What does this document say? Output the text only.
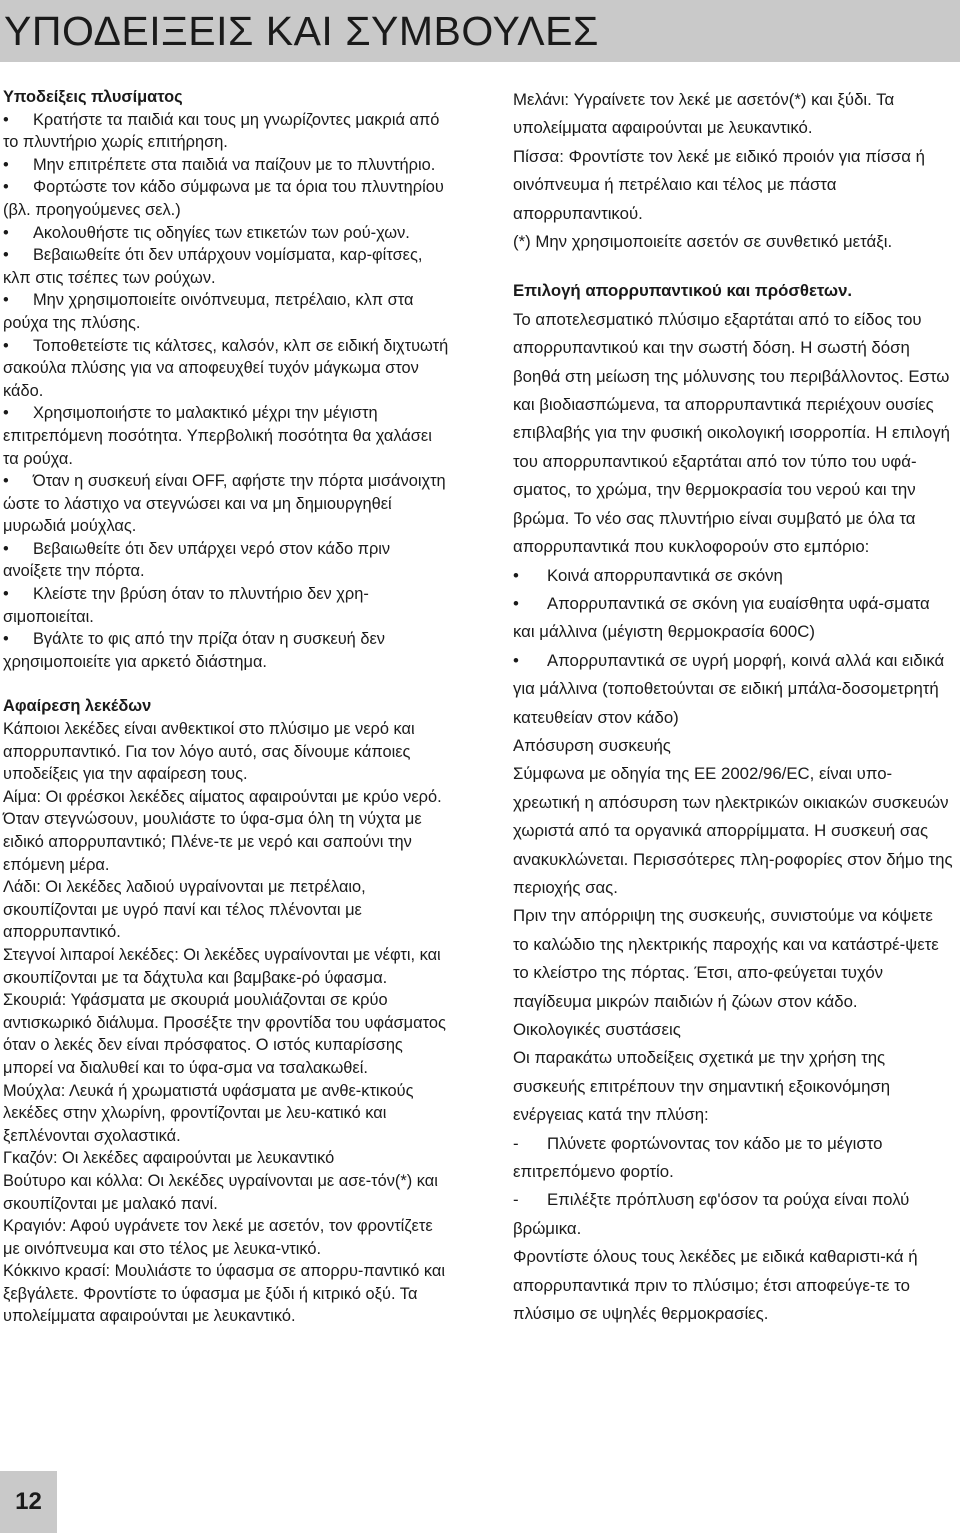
ΥΠΟΔΕΙΞΕΙΣ ΚΑΙ ΣΥΜΒΟΥΛΕΣ

Υποδείξεις πλυσίματος

• Κρατήστε τα παιδιά και τους μη γνωρίζοντες μακριά από το πλυντήριο χωρίς επιτήρηση.
• Μην επιτρέπετε στα παιδιά να παίζουν με το πλυντήριο.
• Φορτώστε τον κάδο σύμφωνα με τα όρια του πλυντηρίου (βλ. προηγούμενες σελ.)
• Ακολουθήστε τις οδηγίες των ετικετών των ρού-χων.
• Βεβαιωθείτε ότι δεν υπάρχουν νομίσματα, καρ-φίτσες, κλπ στις τσέπες των ρούχων.
• Μην χρησιμοποιείτε οινόπνευμα, πετρέλαιο, κλπ στα ρούχα της πλύσης.
• Τοποθετείστε τις κάλτσες, καλσόν, κλπ σε ειδική διχτυωτή σακούλα πλύσης για να αποφευχθεί τυχόν μάγκωμα στον κάδο.
• Χρησιμοποιήστε το μαλακτικό μέχρι την μέγιστη επιτρεπόμενη ποσότητα. Υπερβολική ποσότητα θα χαλάσει τα ρούχα.
• Όταν η συσκευή είναι OFF, αφήστε την πόρτα μισάνοιχτη ώστε το λάστιχο να στεγνώσει και να μη δημιουργηθεί μυρωδιά μούχλας.
• Βεβαιωθείτε ότι δεν υπάρχει νερό στον κάδο πριν ανοίξετε την πόρτα.
• Κλείστε την βρύση όταν το πλυντήριο δεν χρη-σιμοποιείται.
• Βγάλτε το φις από την πρίζα όταν η συσκευή δεν χρησιμοποιείτε για αρκετό διάστημα.

Αφαίρεση λεκέδων

Κάποιοι λεκέδες είναι ανθεκτικοί στο πλύσιμο με νερό και απορρυπαντικό. Για τον λόγο αυτό, σας δίνουμε κάποιες υποδείξεις για την αφαίρεση τους.

Αίμα: Οι φρέσκοι λεκέδες αίματος αφαιρούνται με κρύο νερό. Όταν στεγνώσουν, μουλιάστε το ύφα-σμα όλη τη νύχτα με ειδικό απορρυπαντικό; Πλένε-τε με νερό και σαπούνι την επόμενη μέρα.

Λάδι: Οι λεκέδες λαδιού υγραίνονται με πετρέλαιο, σκουπίζονται με υγρό πανί και τέλος πλένονται με απορρυπαντικό.

Στεγνοί λιπαροί λεκέδες: Οι λεκέδες υγραίνονται με νέφτι, και σκουπίζονται με τα δάχτυλα και βαμβακε-ρό ύφασμα.

Σκουριά: Υφάσματα με σκουριά μουλιάζονται σε κρύο αντισκωρικό διάλυμα. Προσέξτε την φροντίδα του υφάσματος όταν ο λεκές δεν είναι πρόσφατος. Ο ιστός κυπαρίσσης μπορεί να διαλυθεί και το ύφα-σμα να τσαλακωθεί.

Μούχλα: Λευκά ή χρωματιστά υφάσματα με ανθε-κτικούς λεκέδες στην χλωρίνη, φροντίζονται με λευ-κατικό και ξεπλένονται σχολαστικά.

Γκαζόν: Οι λεκέδες αφαιρούνται με λευκαντικό

Βούτυρο και κόλλα: Οι λεκέδες υγραίνονται με ασε-τόν(*) και σκουπίζονται με μαλακό πανί.

Κραγιόν: Αφού υγράνετε τον λεκέ με ασετόν, τον φροντίζετε με οινόπνευμα και στο τέλος με λευκα-ντικό.

Κόκκινο κρασί: Μουλιάστε το ύφασμα σε απορρυ-παντικό και ξεβγάλετε. Φροντίστε το ύφασμα με ξύδι ή κιτρικό οξύ. Τα υπολείμματα αφαιρούνται με λευκαντικό.

Μελάνι: Υγραίνετε τον λεκέ με ασετόν(*) και ξύδι. Τα υπολείμματα αφαιρούνται με λευκαντικό.

Πίσσα: Φροντίστε τον λεκέ με ειδικό προιόν για πίσσα ή οινόπνευμα ή πετρέλαιο και τέλος με πάστα απορρυπαντικού.

(*) Μην χρησιμοποιείτε ασετόν σε συνθετικό μετάξι.

Επιλογή απορρυπαντικού και πρόσθετων.

Το αποτελεσματικό πλύσιμο εξαρτάται από το είδος του απορρυπαντικού και την σωστή δόση. Η σωστή δόση βοηθά στη μείωση της μόλυνσης του περιβάλλοντος. Εστω και βιοδιασπώμενα, τα απορρυπαντικά περιέχουν ουσίες επιβλαβής για την φυσική οικολογική ισορροπία. Η επιλογή του απορρυπαντικού εξαρτάται από τον τύπο του υφά-σματος, το χρώμα, την θερμοκρασία του νερού και την βρώμα. Το νέο σας πλυντήριο είναι συμβατό με όλα τα απορρυπαντικά που κυκλοφορούν στο εμπόριο:

• Κοινά απορρυπαντικά σε σκόνη
• Απορρυπαντικά σε σκόνη για ευαίσθητα υφά-σματα και μάλλινα (μέγιστη θερμοκρασία 600C)
• Απορρυπαντικά σε υγρή μορφή, κοινά αλλά και ειδικά για μάλλινα (τοποθετούνται σε ειδική μπάλα-δοσομετρητή κατευθείαν στον κάδο)

Απόσυρση συσκευής

Σύμφωνα με οδηγία της ΕΕ 2002/96/EC, είναι υπο-χρεωτική η απόσυρση των ηλεκτρικών οικιακών συσκευών χωριστά από τα οργανικά απορρίμματα. Η συσκευή σας ανακυκλώνεται. Περισσότερες πλη-ροφορίες στον δήμο της περιοχής σας.

Πριν την απόρριψη της συσκευής, συνιστούμε να κόψετε το καλώδιο της ηλεκτρικής παροχής και να κατάστρέ-ψετε το κλείστρο της πόρτας. Έτσι, απο-φεύγεται τυχόν παγίδευμα μικρών παιδιών ή ζώων στον κάδο.

Οικολογικές συστάσεις

Οι παρακάτω υποδείξεις σχετικά με την χρήση της συσκευής επιτρέπουν την σημαντική εξοικονόμηση ενέργειας κατά την πλύση:

- Πλύνετε φορτώνοντας τον κάδο με το μέγιστο επιτρεπόμενο φορτίο.
- Επιλέξτε πρόπλυση εφ'όσον τα ρούχα είναι πολύ βρώμικα.

Φροντίστε όλους τους λεκέδες με ειδικά καθαριστι-κά ή απορρυπαντικά πριν το πλύσιμο; έτσι αποφεύγε-τε το πλύσιμο σε υψηλές θερμοκρασίες.

12
